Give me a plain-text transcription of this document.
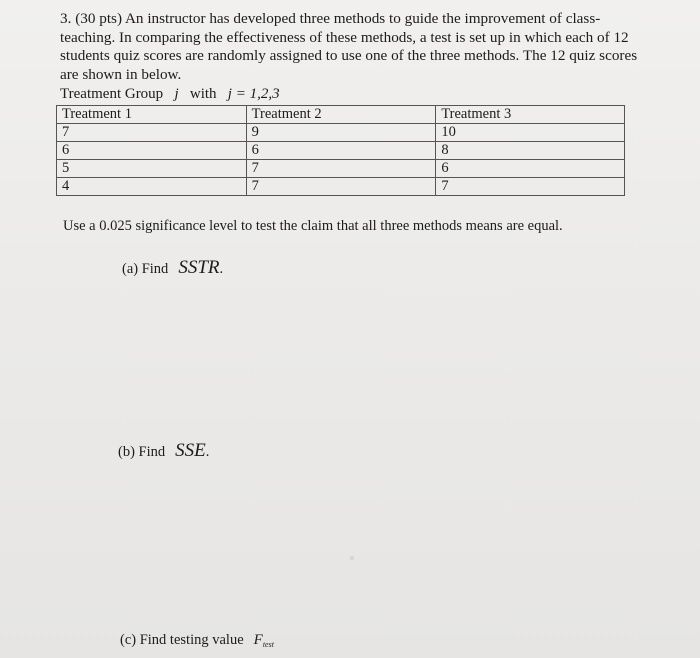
3. (30 pts) An instructor has developed three methods to guide the improvement of class-teaching. In comparing the effectiveness of these methods, a test is set up in which each of 12 students quiz scores are randomly assigned to use one of the three methods. The 12 quiz scores are shown in below.
Treatment Group j with j = 1,2,3
Treatment 1	Treatment 2	Treatment 3
7	9	10
6	6	8
5	7	6
4	7	7
Use a 0.025 significance level to test the claim that all three methods means are equal.
(a) Find SSTR.
(b) Find SSE.
(c) Find testing value $F_{test}$
